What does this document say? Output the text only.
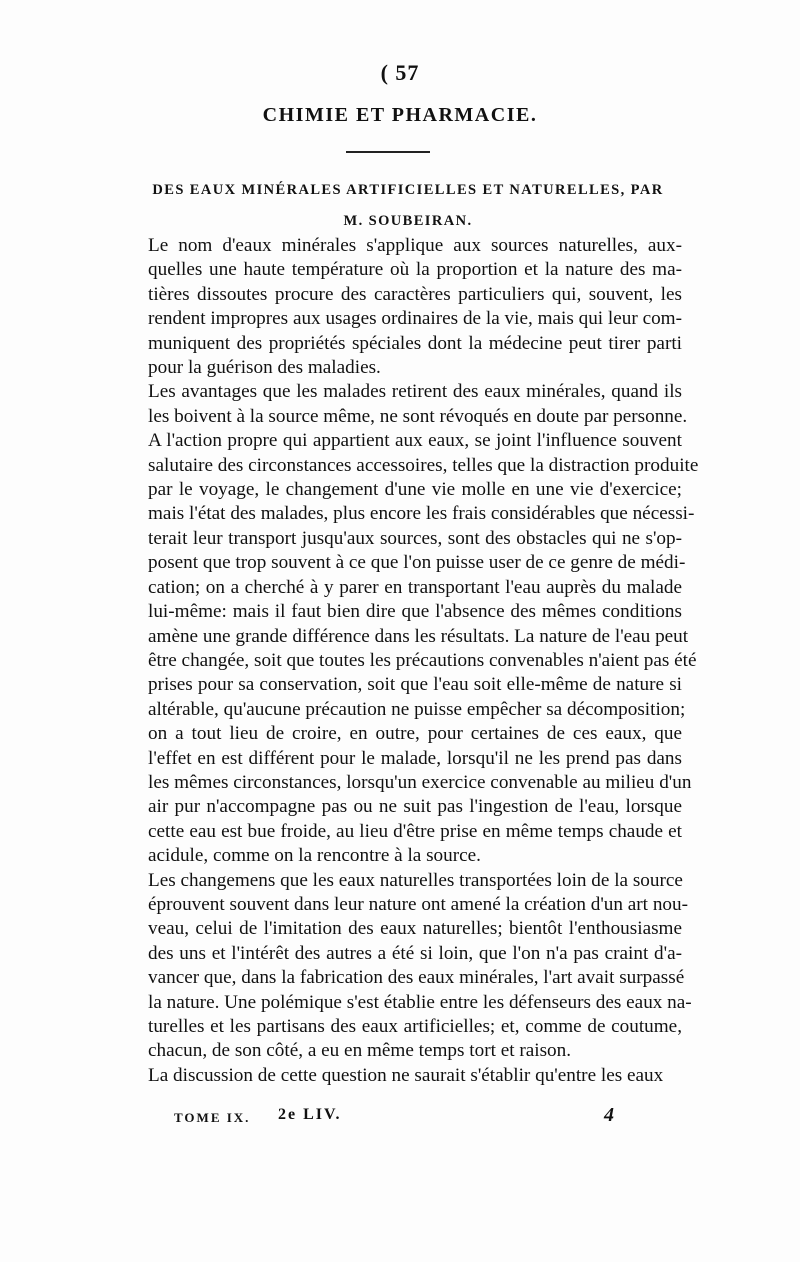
( 57
CHIMIE ET PHARMACIE.
DES EAUX MINÉRALES ARTIFICIELLES ET NATURELLES, PAR
M. SOUBEIRAN.
Le nom d'eaux minérales s'applique aux sources naturelles, aux-
quelles une haute température où la proportion et la nature des ma-
tières dissoutes procure des caractères particuliers qui, souvent, les
rendent impropres aux usages ordinaires de la vie, mais qui leur com-
muniquent des propriétés spéciales dont la médecine peut tirer parti
pour la guérison des maladies.
Les avantages que les malades retirent des eaux minérales, quand ils
les boivent à la source même, ne sont révoqués en doute par personne.
A l'action propre qui appartient aux eaux, se joint l'influence souvent
salutaire des circonstances accessoires, telles que la distraction produite
par le voyage, le changement d'une vie molle en une vie d'exercice;
mais l'état des malades, plus encore les frais considérables que nécessi-
terait leur transport jusqu'aux sources, sont des obstacles qui ne s'op-
posent que trop souvent à ce que l'on puisse user de ce genre de médi-
cation; on a cherché à y parer en transportant l'eau auprès du malade
lui-même: mais il faut bien dire que l'absence des mêmes conditions
amène une grande différence dans les résultats. La nature de l'eau peut
être changée, soit que toutes les précautions convenables n'aient pas été
prises pour sa conservation, soit que l'eau soit elle-même de nature si
altérable, qu'aucune précaution ne puisse empêcher sa décomposition;
on a tout lieu de croire, en outre, pour certaines de ces eaux, que
l'effet en est différent pour le malade, lorsqu'il ne les prend pas dans
les mêmes circonstances, lorsqu'un exercice convenable au milieu d'un
air pur n'accompagne pas ou ne suit pas l'ingestion de l'eau, lorsque
cette eau est bue froide, au lieu d'être prise en même temps chaude et
acidule, comme on la rencontre à la source.
Les changemens que les eaux naturelles transportées loin de la source
éprouvent souvent dans leur nature ont amené la création d'un art nou-
veau, celui de l'imitation des eaux naturelles; bientôt l'enthousiasme
des uns et l'intérêt des autres a été si loin, que l'on n'a pas craint d'a-
vancer que, dans la fabrication des eaux minérales, l'art avait surpassé
la nature. Une polémique s'est établie entre les défenseurs des eaux na-
turelles et les partisans des eaux artificielles; et, comme de coutume,
chacun, de son côté, a eu en même temps tort et raison.
La discussion de cette question ne saurait s'établir qu'entre les eaux
TOME IX. 2e LIV.	4
